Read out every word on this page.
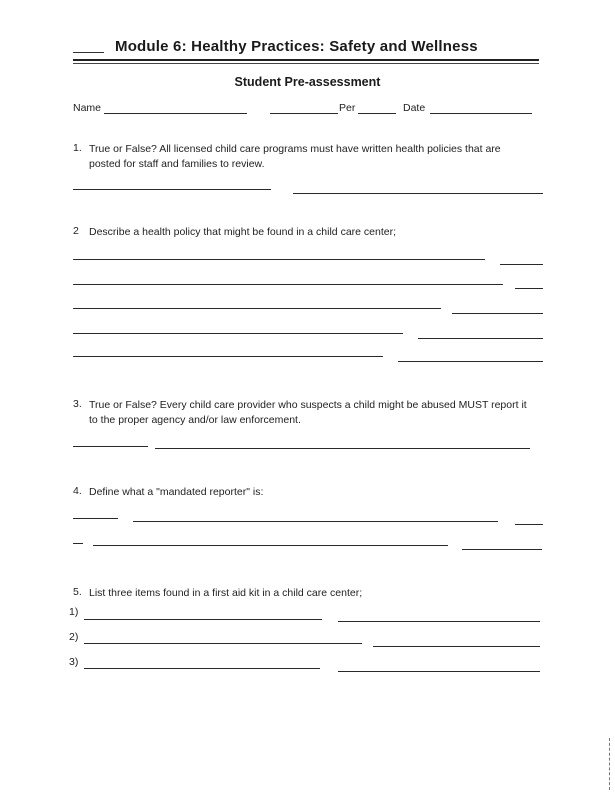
Module 6: Healthy Practices: Safety and Wellness
Student Pre-assessment
Name	Per	Date
1. True or False? All licensed child care programs must have written health policies that are posted for staff and families to review.
2 Describe a health policy that might be found in a child care center;
3. True or False? Every child care provider who suspects a child might be abused MUST report it to the proper agency and/or law enforcement.
4. Define what a "mandated reporter" is:
5. List three items found in a first aid kit in a child care center;
1)
2)
3)
